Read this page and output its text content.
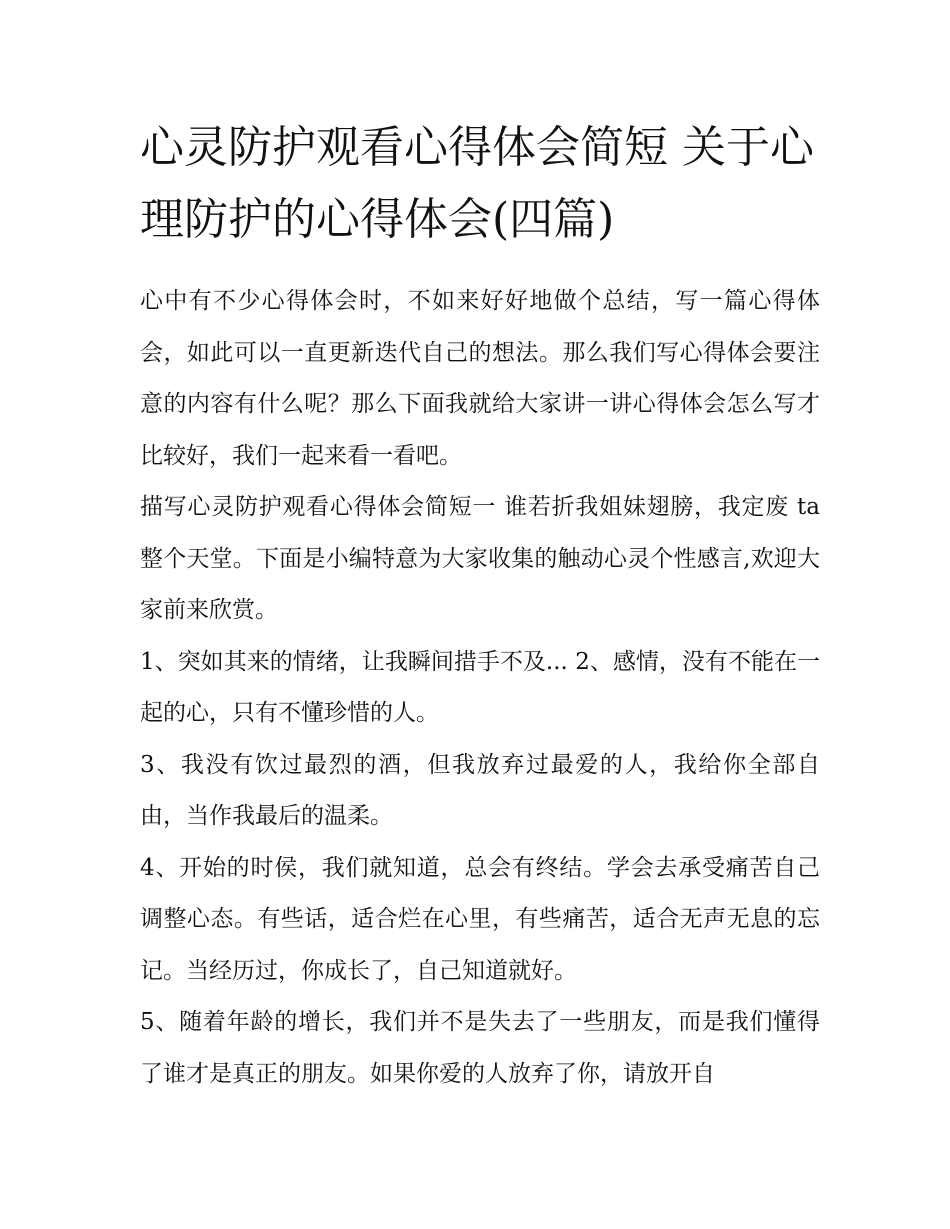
心灵防护观看心得体会简短 关于心理防护的心得体会(四篇)

心中有不少心得体会时，不如来好好地做个总结，写一篇心得体会，如此可以一直更新迭代自己的想法。那么我们写心得体会要注意的内容有什么呢？那么下面我就给大家讲一讲心得体会怎么写才比较好，我们一起来看一看吧。

描写心灵防护观看心得体会简短一 谁若折我姐妹翅膀，我定废 ta 整个天堂。下面是小编特意为大家收集的触动心灵个性感言,欢迎大家前来欣赏。

1、突如其来的情绪，让我瞬间措手不及... 2、感情，没有不能在一起的心，只有不懂珍惜的人。

3、我没有饮过最烈的酒，但我放弃过最爱的人，我给你全部自由，当作我最后的温柔。

4、开始的时侯，我们就知道，总会有终结。学会去承受痛苦自己调整心态。有些话，适合烂在心里，有些痛苦，适合无声无息的忘记。当经历过，你成长了，自己知道就好。

5、随着年龄的增长，我们并不是失去了一些朋友，而是我们懂得了谁才是真正的朋友。如果你爱的人放弃了你，请放开自
